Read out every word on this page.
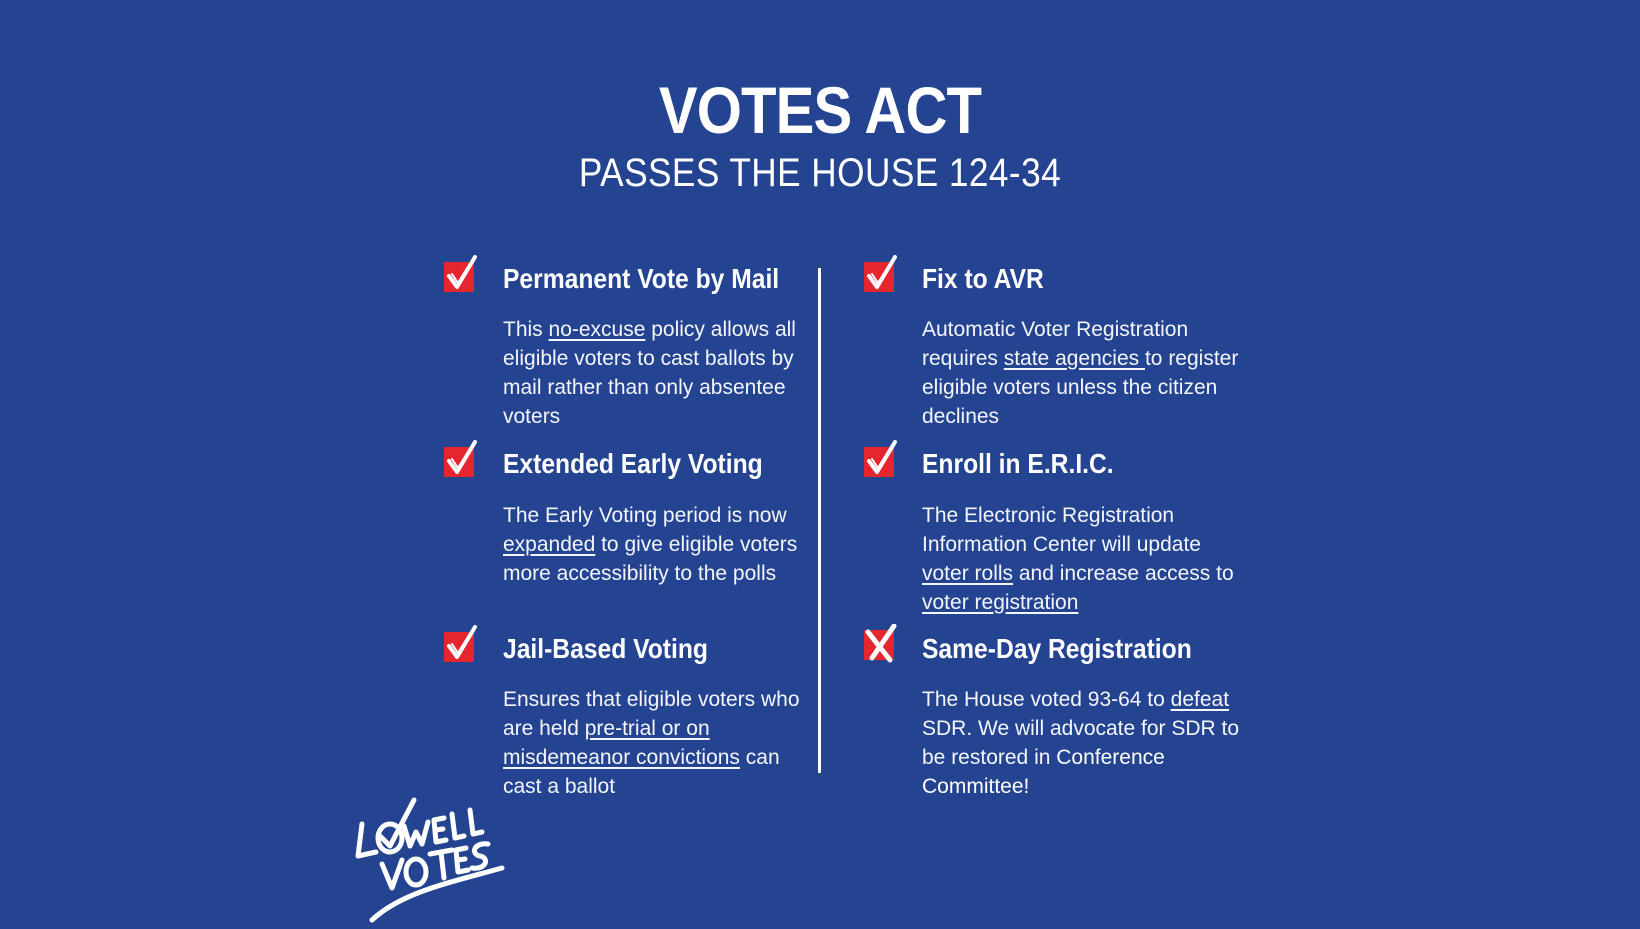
VOTES ACT
PASSES THE HOUSE 124-34
Permanent Vote by Mail
This no-excuse policy allows all eligible voters to cast ballots by mail rather than only absentee voters
Extended Early Voting
The Early Voting period is now expanded to give eligible voters more accessibility to the polls
Jail-Based Voting
Ensures that eligible voters who are held pre-trial or on misdemeanor convictions can cast a ballot
Fix to AVR
Automatic Voter Registration requires state agencies to register eligible voters unless the citizen declines
Enroll in E.R.I.C.
The Electronic Registration Information Center will update voter rolls and increase access to voter registration
Same-Day Registration
The House voted 93-64 to defeat SDR. We will advocate for SDR to be restored in Conference Committee!
